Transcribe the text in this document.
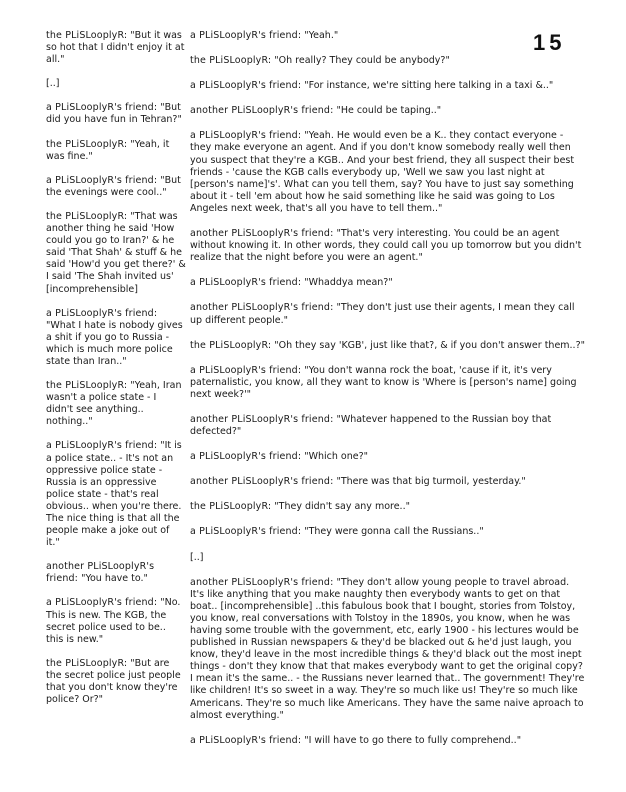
15

the PLiSLooplyR: "But it was so hot that I didn't enjoy it at all."

[..]

a PLiSLooplyR's friend: "But did you have fun in Tehran?"

the PLiSLooplyR: "Yeah, it was fine."

a PLiSLooplyR's friend: "But the evenings were cool.."

the PLiSLooplyR: "That was another thing he said 'How could you go to Iran?' & he said 'That Shah' & stuff & he said 'How'd you get there?' & I said 'The Shah invited us' [incomprehensible]

a PLiSLooplyR's friend: "What I hate is nobody gives a shit if you go to Russia - which is much more police state than Iran.."

the PLiSLooplyR: "Yeah, Iran wasn't a police state - I didn't see anything.. nothing.."

a PLiSLooplyR's friend: "It is a police state.. - It's not an oppressive police state - Russia is an oppressive police state - that's real obvious.. when you're there. The nice thing is that all the people make a joke out of it."

another PLiSLooplyR's friend: "You have to."

a PLiSLooplyR's friend: "No. This is new. The KGB, the secret police used to be.. this is new."

the PLiSLooplyR: "But are the secret police just people that you don't know they're police? Or?"

a PLiSLooplyR's friend: "Yeah."

the PLiSLooplyR: "Oh really? They could be anybody?"

a PLiSLooplyR's friend: "For instance, we're sitting here talking in a taxi &.."

another PLiSLooplyR's friend: "He could be taping.."

a PLiSLooplyR's friend: "Yeah. He would even be a K.. they contact everyone - they make everyone an agent. And if you don't know somebody really well then you suspect that they're a KGB.. And your best friend, they all suspect their best friends - 'cause the KGB calls everybody up, 'Well we saw you last night at [person's name]'s'. What can you tell them, say? You have to just say something about it - tell 'em about how he said something like he said was going to Los Angeles next week, that's all you have to tell them.."

another PLiSLooplyR's friend: "That's very interesting. You could be an agent without knowing it. In other words, they could call you up tomorrow but you didn't realize that the night before you were an agent."

a PLiSLooplyR's friend: "Whaddya mean?"

another PLiSLooplyR's friend: "They don't just use their agents, I mean they call up different people."

the PLiSLooplyR: "Oh they say 'KGB', just like that?, & if you don't answer them..?"

a PLiSLooplyR's friend: "You don't wanna rock the boat, 'cause if it, it's very paternalistic, you know, all they want to know is 'Where is [person's name] going next week?'"

another PLiSLooplyR's friend: "Whatever happened to the Russian boy that defected?"

a PLiSLooplyR's friend: "Which one?"

another PLiSLooplyR's friend: "There was that big turmoil, yesterday."

the PLiSLooplyR: "They didn't say any more.."

a PLiSLooplyR's friend: "They were gonna call the Russians.."

[..]

another PLiSLooplyR's friend: "They don't allow young people to travel abroad. It's like anything that you make naughty then everybody wants to get on that boat.. [incomprehensible] ..this fabulous book that I bought, stories from Tolstoy, you know, real conversations with Tolstoy in the 1890s, you know, when he was having some trouble with the government, etc, early 1900 - his lectures would be published in Russian newspapers & they'd be blacked out & he'd just laugh, you know, they'd leave in the most incredible things & they'd black out the most inept things - don't they know that that makes everybody want to get the original copy? I mean it's the same.. - the Russians never learned that.. The government! They're like children! It's so sweet in a way. They're so much like us! They're so much like Americans. They're so much like Americans. They have the same naive aproach to almost everything."

a PLiSLooplyR's friend: "I will have to go there to fully comprehend.."
